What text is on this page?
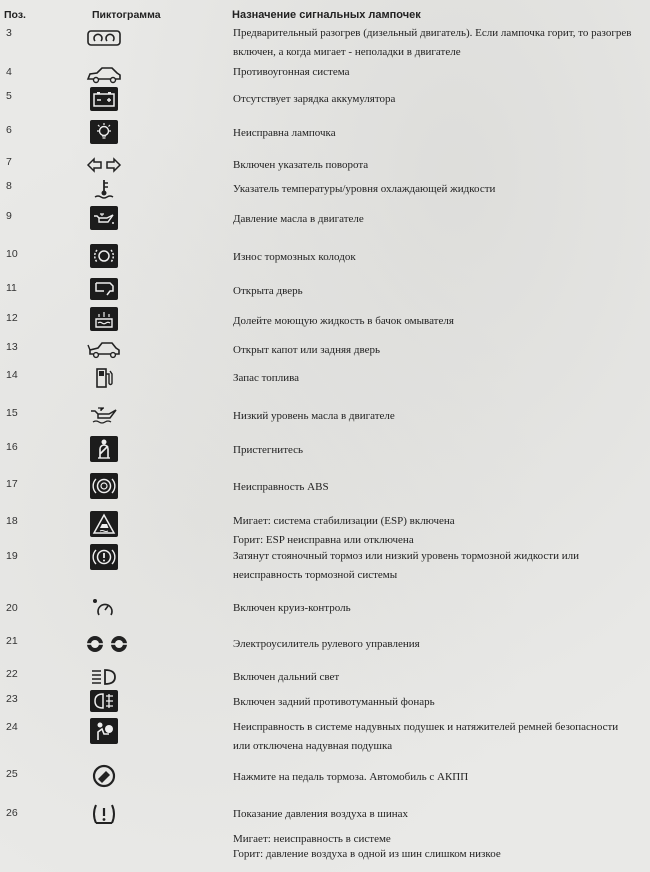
Поз.	Пиктограмма	Назначение сигнальных лампочек
3	Предварительный разогрев (дизельный двигатель). Если лампочка горит, то разогрев
включен, а когда мигает - неполадки в двигателе
4	Противоугонная система
5	Отсутствует зарядка аккумулятора
6	Неисправна лампочка
7	Включен указатель поворота
8	Указатель температуры/уровня охлаждающей жидкости
9	Давление масла в двигателе
10	Износ тормозных колодок
11	Открыта дверь
12	Долейте моющую жидкость в бачок омывателя
13	Открыт капот или задняя дверь
14	Запас топлива
15	Низкий уровень масла в двигателе
16	Пристегнитесь
17	Неисправность ABS
18	Мигает: система стабилизации (ESP) включена
Горит: ESP неисправна или отключена
19	Затянут стояночный тормоз или низкий уровень тормозной жидкости или
неисправность тормозной системы
20	Включен круиз-контроль
21	Электроусилитель рулевого управления
22	Включен дальний свет
23	Включен задний противотуманный фонарь
24	Неисправность в системе надувных подушек и натяжителей ремней безопасности
или отключена надувная подушка
25	Нажмите на педаль тормоза. Автомобиль с АКПП
26	Показание давления воздуха в шинах
Мигает: неисправность в системе
Горит: давление воздуха в одной из шин слишком низкое
